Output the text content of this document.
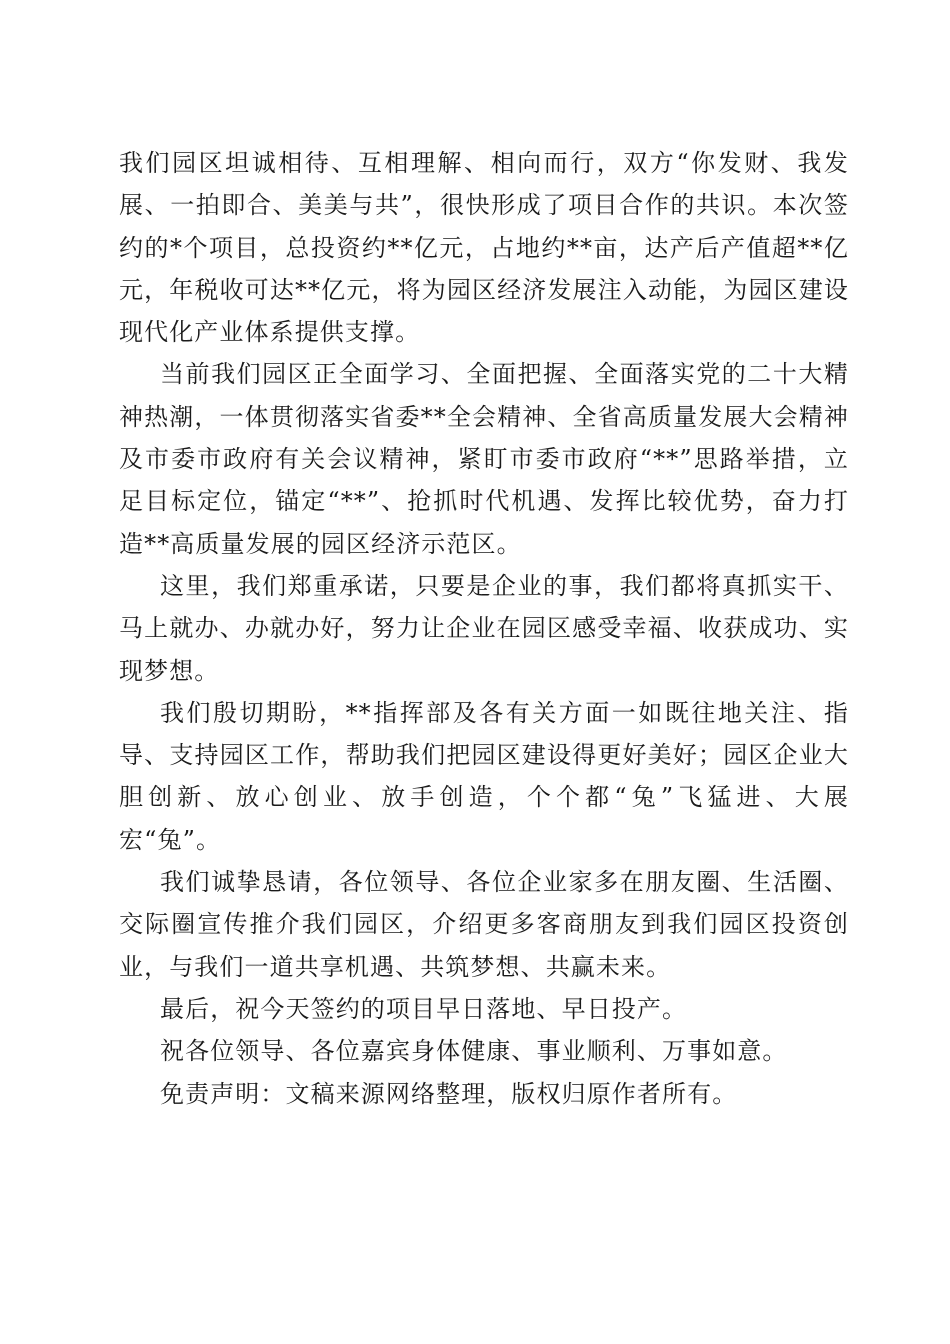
我们园区坦诚相待、互相理解、相向而行，双方“你发财、我发展、一拍即合、美美与共”，很快形成了项目合作的共识。本次签约的*个项目，总投资约**亿元，占地约**亩，达产后产值超**亿元，年税收可达**亿元，将为园区经济发展注入动能，为园区建设现代化产业体系提供支撑。

当前我们园区正全面学习、全面把握、全面落实党的二十大精神热潮，一体贯彻落实省委**全会精神、全省高质量发展大会精神及市委市政府有关会议精神，紧盯市委市政府“**”思路举措，立足目标定位，锚定“**”、抢抓时代机遇、发挥比较优势，奋力打造**高质量发展的园区经济示范区。

这里，我们郑重承诺，只要是企业的事，我们都将真抓实干、马上就办、办就办好，努力让企业在园区感受幸福、收获成功、实现梦想。

我们殷切期盼，**指挥部及各有关方面一如既往地关注、指导、支持园区工作，帮助我们把园区建设得更好美好；园区企业大胆创新、放心创业、放手创造，个个都“兔”飞猛进、大展宏“兔”。

我们诚挚恳请，各位领导、各位企业家多在朋友圈、生活圈、交际圈宣传推介我们园区，介绍更多客商朋友到我们园区投资创业，与我们一道共享机遇、共筑梦想、共赢未来。

最后，祝今天签约的项目早日落地、早日投产。

祝各位领导、各位嘉宾身体健康、事业顺利、万事如意。

免责声明：文稿来源网络整理，版权归原作者所有。
